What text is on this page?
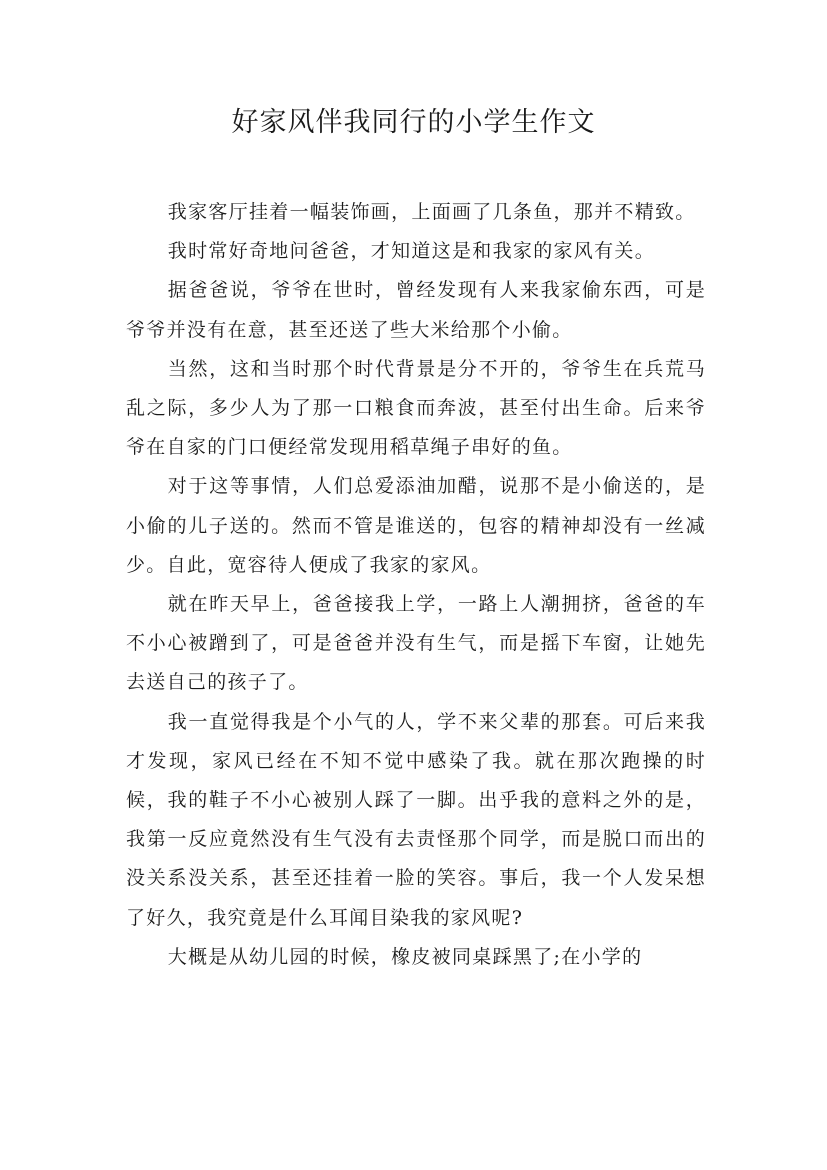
好家风伴我同行的小学生作文

我家客厅挂着一幅装饰画，上面画了几条鱼，那并不精致。

我时常好奇地问爸爸，才知道这是和我家的家风有关。

据爸爸说，爷爷在世时，曾经发现有人来我家偷东西，可是爷爷并没有在意，甚至还送了些大米给那个小偷。

当然，这和当时那个时代背景是分不开的，爷爷生在兵荒马乱之际，多少人为了那一口粮食而奔波，甚至付出生命。后来爷爷在自家的门口便经常发现用稻草绳子串好的鱼。

对于这等事情，人们总爱添油加醋，说那不是小偷送的，是小偷的儿子送的。然而不管是谁送的，包容的精神却没有一丝减少。自此，宽容待人便成了我家的家风。

就在昨天早上，爸爸接我上学，一路上人潮拥挤，爸爸的车不小心被蹭到了，可是爸爸并没有生气，而是摇下车窗，让她先去送自己的孩子了。

我一直觉得我是个小气的人，学不来父辈的那套。可后来我才发现，家风已经在不知不觉中感染了我。就在那次跑操的时候，我的鞋子不小心被别人踩了一脚。出乎我的意料之外的是，我第一反应竟然没有生气没有去责怪那个同学，而是脱口而出的没关系没关系，甚至还挂着一脸的笑容。事后，我一个人发呆想了好久，我究竟是什么耳闻目染我的家风呢?

大概是从幼儿园的时候，橡皮被同桌踩黑了;在小学的
